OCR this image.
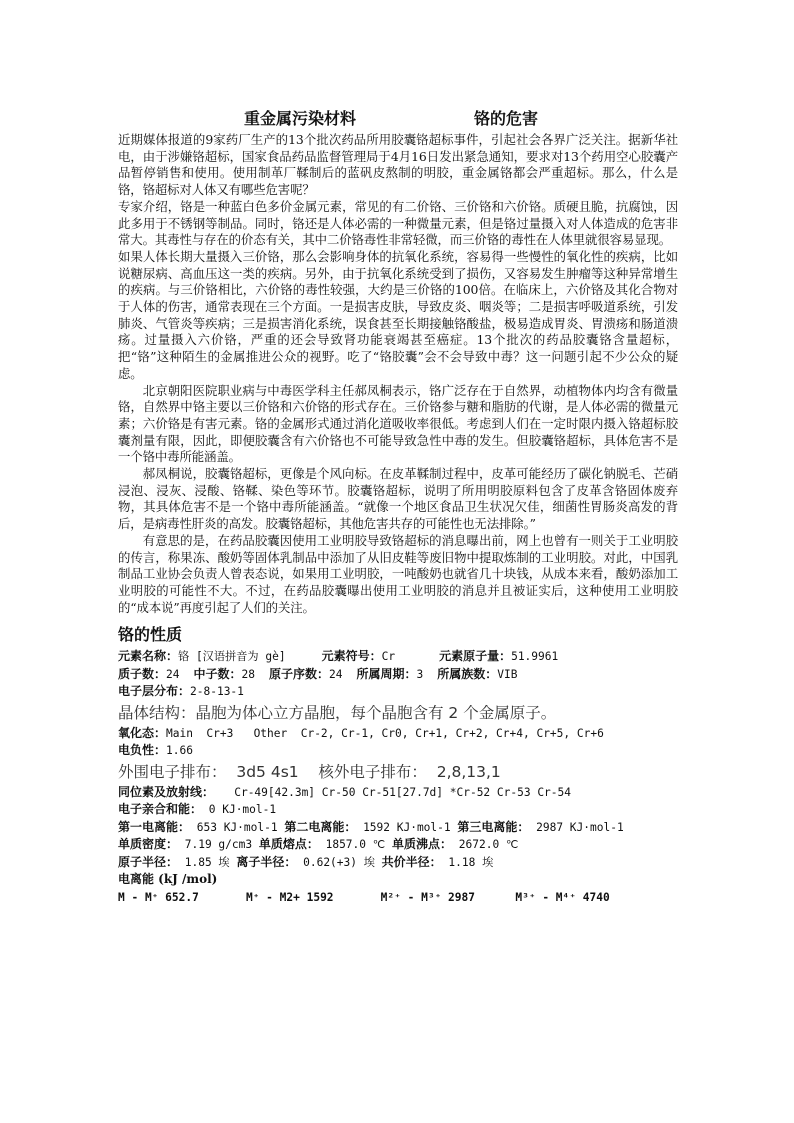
重金属污染材料	铬的危害

近期媒体报道的9家药厂生产的13个批次药品所用胶囊铬超标事件，引起社会各界广泛关注。据新华社电，由于涉嫌铬超标，国家食品药品监督管理局于4月16日发出紧急通知，要求对13个药用空心胶囊产品暂停销售和使用。使用制革厂鞣制后的蓝矾皮熬制的明胶，重金属铬都会严重超标。那么，什么是铬，铬超标对人体又有哪些危害呢？

专家介绍，铬是一种蓝白色多价金属元素，常见的有二价铬、三价铬和六价铬。质硬且脆，抗腐蚀，因此多用于不锈钢等制品。同时，铬还是人体必需的一种微量元素，但是铬过量摄入对人体造成的危害非常大。其毒性与存在的价态有关，其中二价铬毒性非常轻微，而三价铬的毒性在人体里就很容易显现。

如果人体长期大量摄入三价铬，那么会影响身体的抗氧化系统，容易得一些慢性的氧化性的疾病，比如说糖尿病、高血压这一类的疾病。另外，由于抗氧化系统受到了损伤，又容易发生肿瘤等这种异常增生的疾病。与三价铬相比，六价铬的毒性较强，大约是三价铬的100倍。在临床上，六价铬及其化合物对于人体的伤害，通常表现在三个方面。一是损害皮肤，导致皮炎、咽炎等；二是损害呼吸道系统，引发肺炎、气管炎等疾病；三是损害消化系统，误食甚至长期接触铬酸盐，极易造成胃炎、胃溃疡和肠道溃疡。过量摄入六价铬，严重的还会导致肾功能衰竭甚至癌症。13个批次的药品胶囊铬含量超标，把“铬”这种陌生的金属推进公众的视野。吃了“铬胶囊”会不会导致中毒？这一问题引起不少公众的疑虑。

北京朝阳医院职业病与中毒医学科主任郝凤桐表示，铬广泛存在于自然界，动植物体内均含有微量铬，自然界中铬主要以三价铬和六价铬的形式存在。三价铬参与糖和脂肪的代谢，是人体必需的微量元素；六价铬是有害元素。铬的金属形式通过消化道吸收率很低。考虑到人们在一定时限内摄入铬超标胶囊剂量有限，因此，即便胶囊含有六价铬也不可能导致急性中毒的发生。但胶囊铬超标，具体危害不是一个铬中毒所能涵盖。

郝凤桐说，胶囊铬超标，更像是个风向标。在皮革鞣制过程中，皮革可能经历了碳化钠脱毛、芒硝浸泡、浸灰、浸酸、铬鞣、染色等环节。胶囊铬超标，说明了所用明胶原料包含了皮革含铬固体废弃物，其具体危害不是一个铬中毒所能涵盖。“就像一个地区食品卫生状况欠佳，细菌性胃肠炎高发的背后，是病毒性肝炎的高发。胶囊铬超标，其他危害共存的可能性也无法排除。”

有意思的是，在药品胶囊因使用工业明胶导致铬超标的消息曝出前，网上也曾有一则关于工业明胶的传言，称果冻、酸奶等固体乳制品中添加了从旧皮鞋等废旧物中提取炼制的工业明胶。对此，中国乳制品工业协会负责人曾表态说，如果用工业明胶，一吨酸奶也就省几十块钱，从成本来看，酸奶添加工业明胶的可能性不大。不过，在药品胶囊曝出使用工业明胶的消息并且被证实后，这种使用工业明胶的“成本说”再度引起了人们的关注。

铬的性质
元素名称：铬 [汉语拼音为 gè]	元素符号：Cr	元素原子量：51.9961
质子数：24 中子数：28 原子序数：24 所属周期：3 所属族数：VIB
电子层分布：2-8-13-1
晶体结构：晶胞为体心立方晶胞，每个晶胞含有 2 个金属原子。
氧化态：Main  Cr+3   Other  Cr-2, Cr-1, Cr0, Cr+1, Cr+2, Cr+4, Cr+5, Cr+6
电负性：1.66
外围电子排布：  3d5 4s1    核外电子排布：  2,8,13,1
同位素及放射线：   Cr-49[42.3m] Cr-50 Cr-51[27.7d] *Cr-52 Cr-53 Cr-54
电子亲合和能： 0 KJ·mol-1
第一电离能： 653 KJ·mol-1 第二电离能： 1592 KJ·mol-1 第三电离能： 2987 KJ·mol-1
单质密度： 7.19 g/cm3 单质熔点： 1857.0 ℃ 单质沸点： 2672.0 ℃
原子半径： 1.85 埃 离子半径： 0.62(+3) 埃 共价半径： 1.18 埃
电离能 (kJ /mol)
M - M⁺ 652.7       M⁺ - M2+ 1592       M²⁺ - M³⁺ 2987      M³⁺ - M⁴⁺ 4740
